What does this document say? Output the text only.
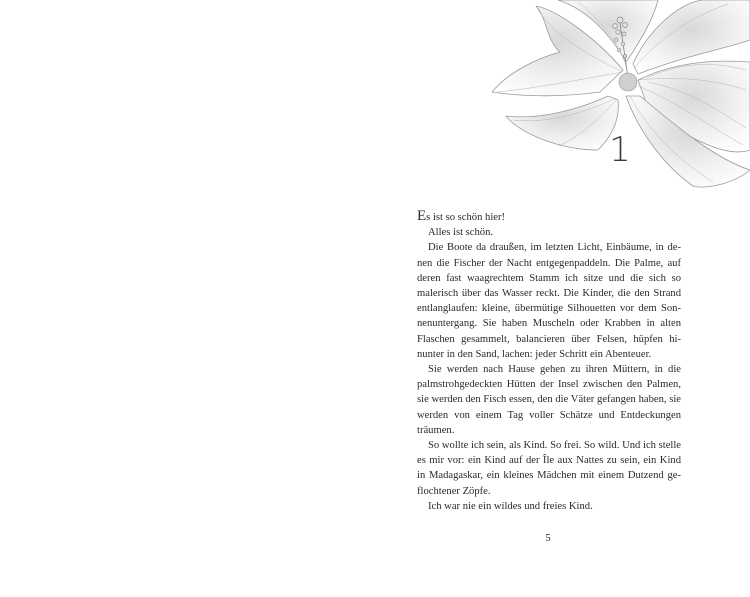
1

Es ist so schön hier!

Alles ist schön.

Die Boote da draußen, im letzten Licht, Einbäume, in denen die Fischer der Nacht entgegenpaddeln. Die Palme, auf deren fast waagrechtem Stamm ich sitze und die sich so malerisch über das Wasser reckt. Die Kinder, die den Strand entlanglaufen: kleine, übermütige Silhouetten vor dem Sonnenuntergang. Sie haben Muscheln oder Krabben in alten Flaschen gesammelt, balancieren über Felsen, hüpfen hinunter in den Sand, lachen: jeder Schritt ein Abenteuer.

Sie werden nach Hause gehen zu ihren Müttern, in die palmstrohgedeckten Hütten der Insel zwischen den Palmen, sie werden den Fisch essen, den die Väter gefangen haben, sie werden von einem Tag voller Schätze und Entdeckungen träumen.

So wollte ich sein, als Kind. So frei. So wild. Und ich stelle es mir vor: ein Kind auf der Île aux Nattes zu sein, ein Kind in Madagaskar, ein kleines Mädchen mit einem Dutzend geflochtener Zöpfe.

Ich war nie ein wildes und freies Kind.

5
